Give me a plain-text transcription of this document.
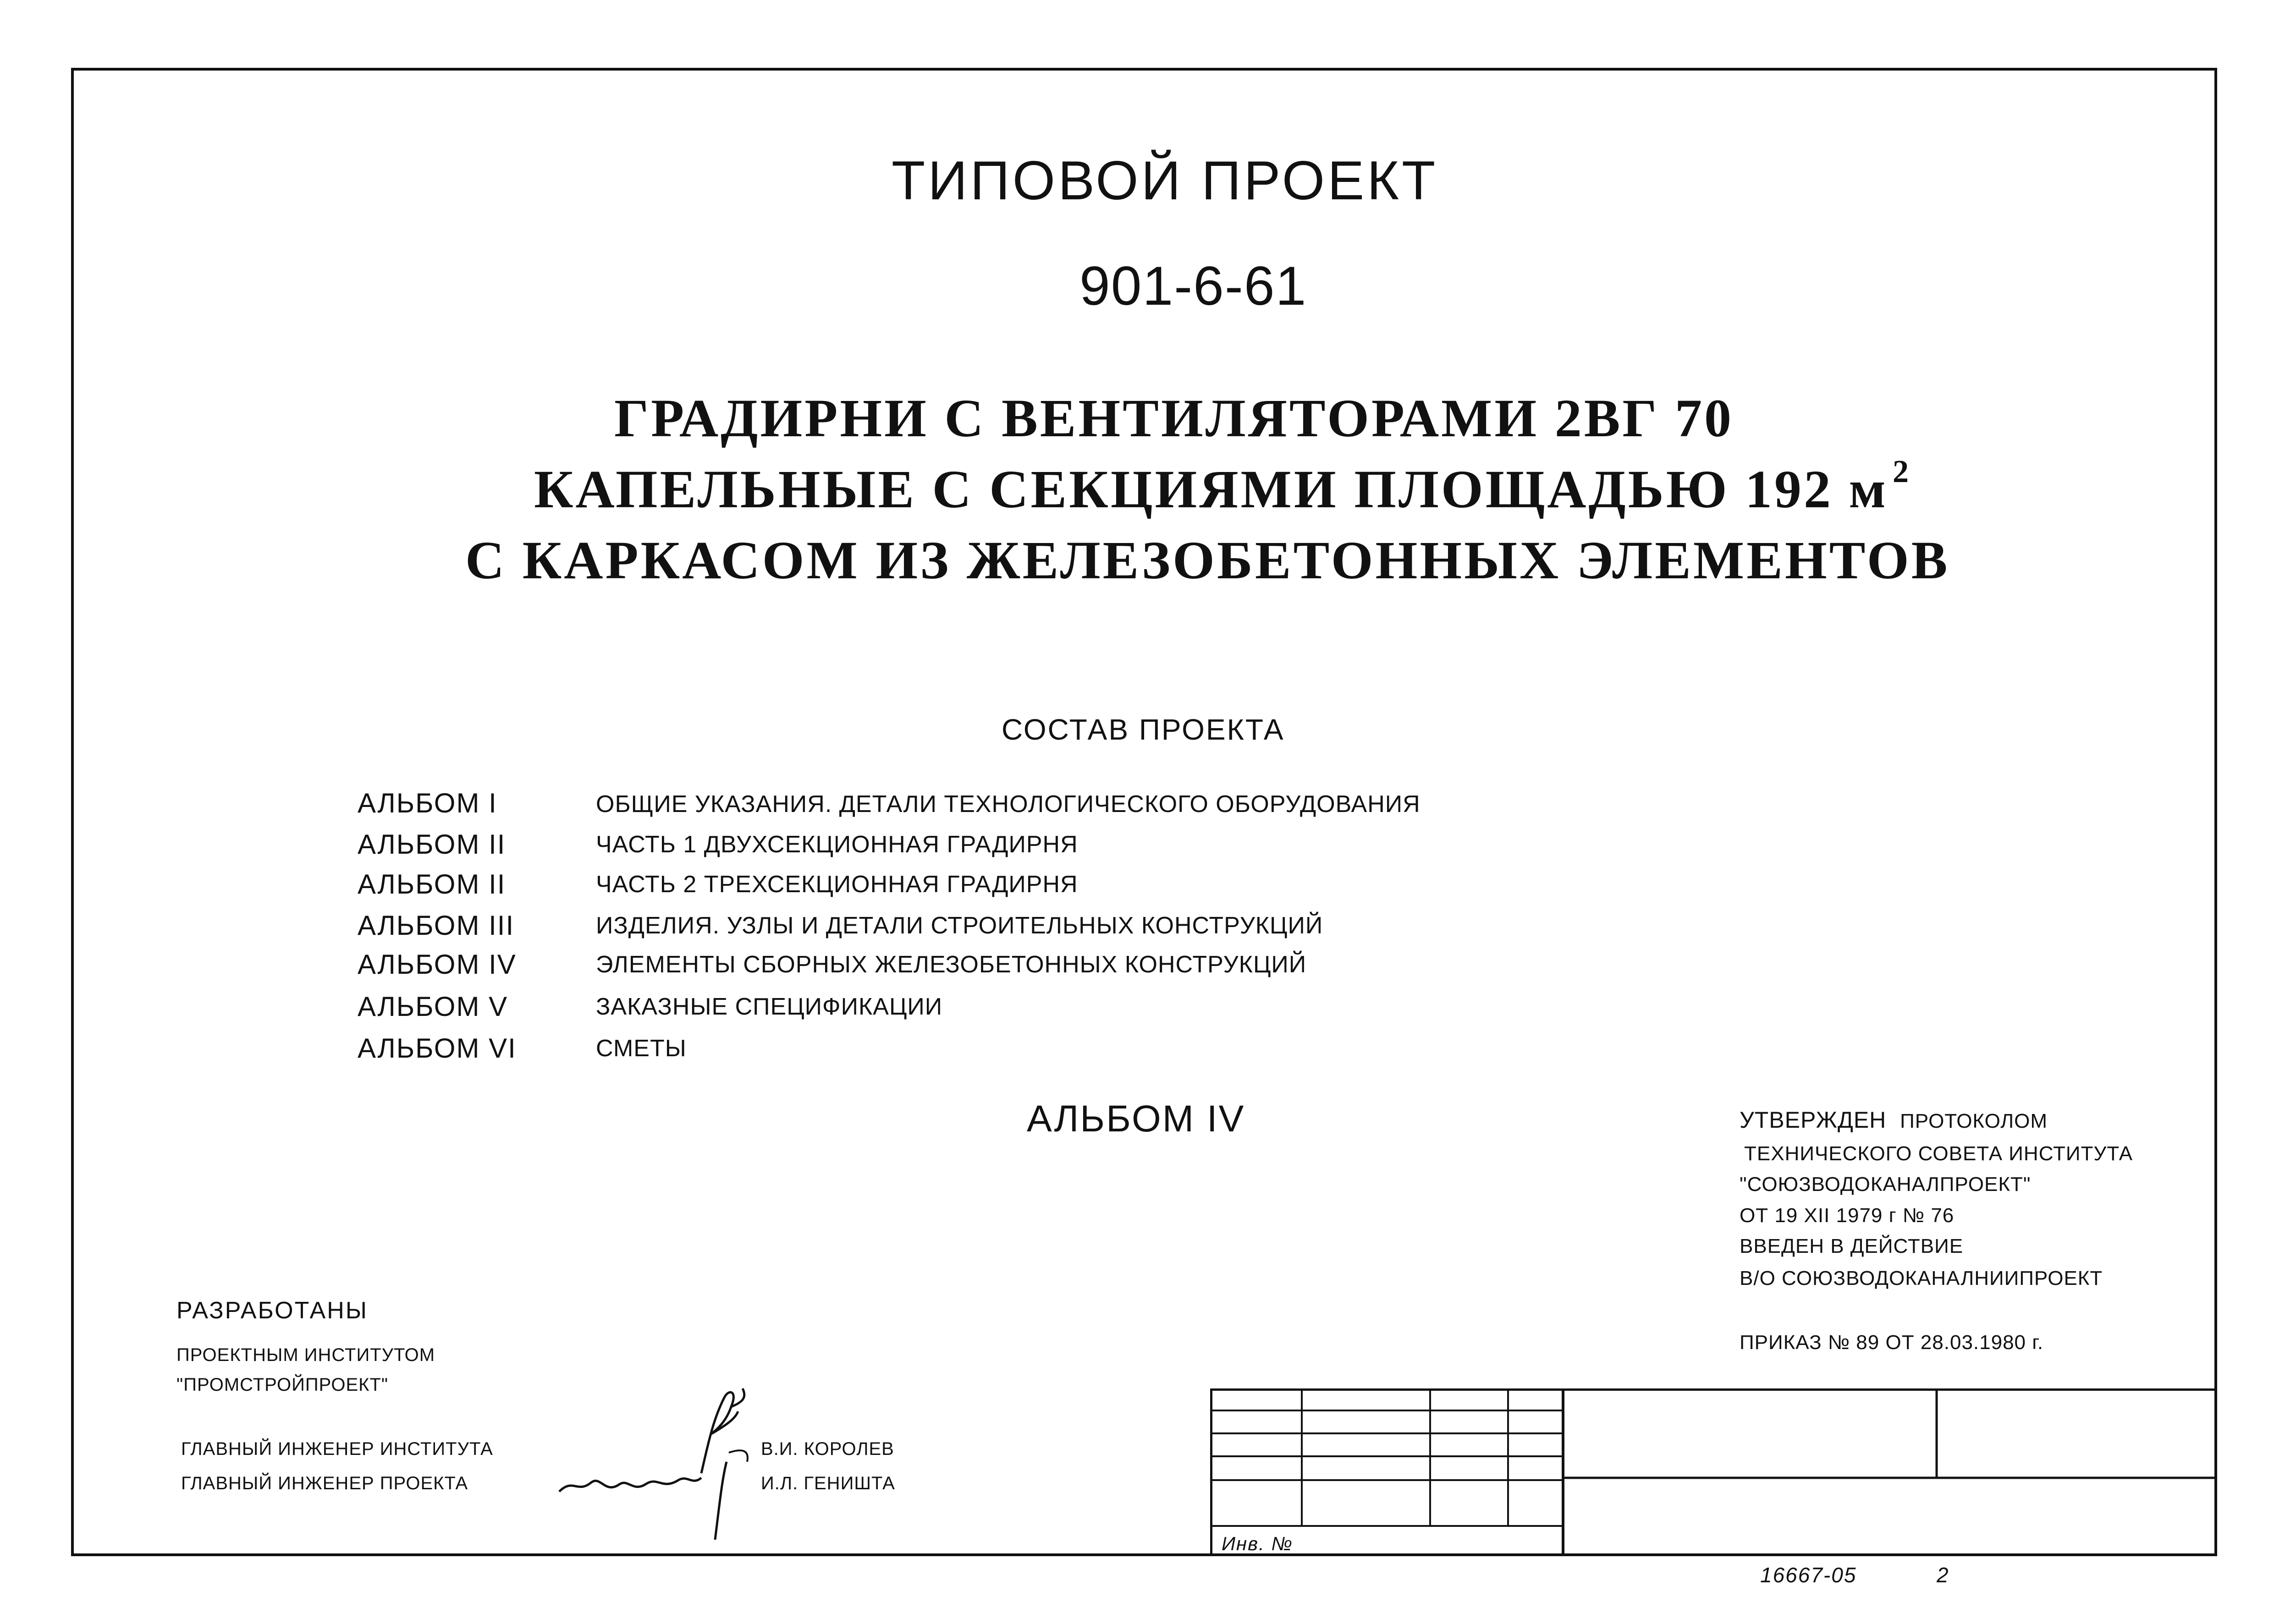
ТИПОВОЙ ПРОЕКТ
901-6-61
ГРАДИРНИ С ВЕНТИЛЯТОРАМИ 2ВГ 70
КАПЕЛЬНЫЕ С СЕКЦИЯМИ ПЛОЩАДЬЮ 192 м $^2$
С КАРКАСОМ ИЗ ЖЕЛЕЗОБЕТОННЫХ ЭЛЕМЕНТОВ
СОСТАВ ПРОЕКТА
АЛЬБОМ I	ОБЩИЕ УКАЗАНИЯ. ДЕТАЛИ ТЕХНОЛОГИЧЕСКОГО ОБОРУДОВАНИЯ
АЛЬБОМ II	ЧАСТЬ 1 ДВУХСЕКЦИОННАЯ ГРАДИРНЯ
АЛЬБОМ II	ЧАСТЬ 2 ТРЕХСЕКЦИОННАЯ ГРАДИРНЯ
АЛЬБОМ III	ИЗДЕЛИЯ. УЗЛЫ И ДЕТАЛИ СТРОИТЕЛЬНЫХ КОНСТРУКЦИЙ
АЛЬБОМ IV	ЭЛЕМЕНТЫ СБОРНЫХ ЖЕЛЕЗОБЕТОННЫХ КОНСТРУКЦИЙ
АЛЬБОМ V	ЗАКАЗНЫЕ СПЕЦИФИКАЦИИ
АЛЬБОМ VI	СМЕТЫ
АЛЬБОМ IV	УТВЕРЖДЕН ПРОТОКОЛОМ
ТЕХНИЧЕСКОГО СОВЕТА ИНСТИТУТА
"СОЮЗВОДОКАНАЛПРОЕКТ"
ОТ 19 XII 1979 г № 76
ВВЕДЕН В ДЕЙСТВИЕ
В/О СОЮЗВОДОКАНАЛНИИПРОЕКТ
ПРИКАЗ № 89 ОТ 28.03.1980 г.
РАЗРАБОТАНЫ
ПРОЕКТНЫМ ИНСТИТУТОМ
"ПРОМСТРОЙПРОЕКТ"
ГЛАВНЫЙ ИНЖЕНЕР ИНСТИТУТА
ГЛАВНЫЙ ИНЖЕНЕР ПРОЕКТА
В.И. КОРОЛЕВ
И.Л. ГЕНИШТА
Инв. №
16667-05	2
